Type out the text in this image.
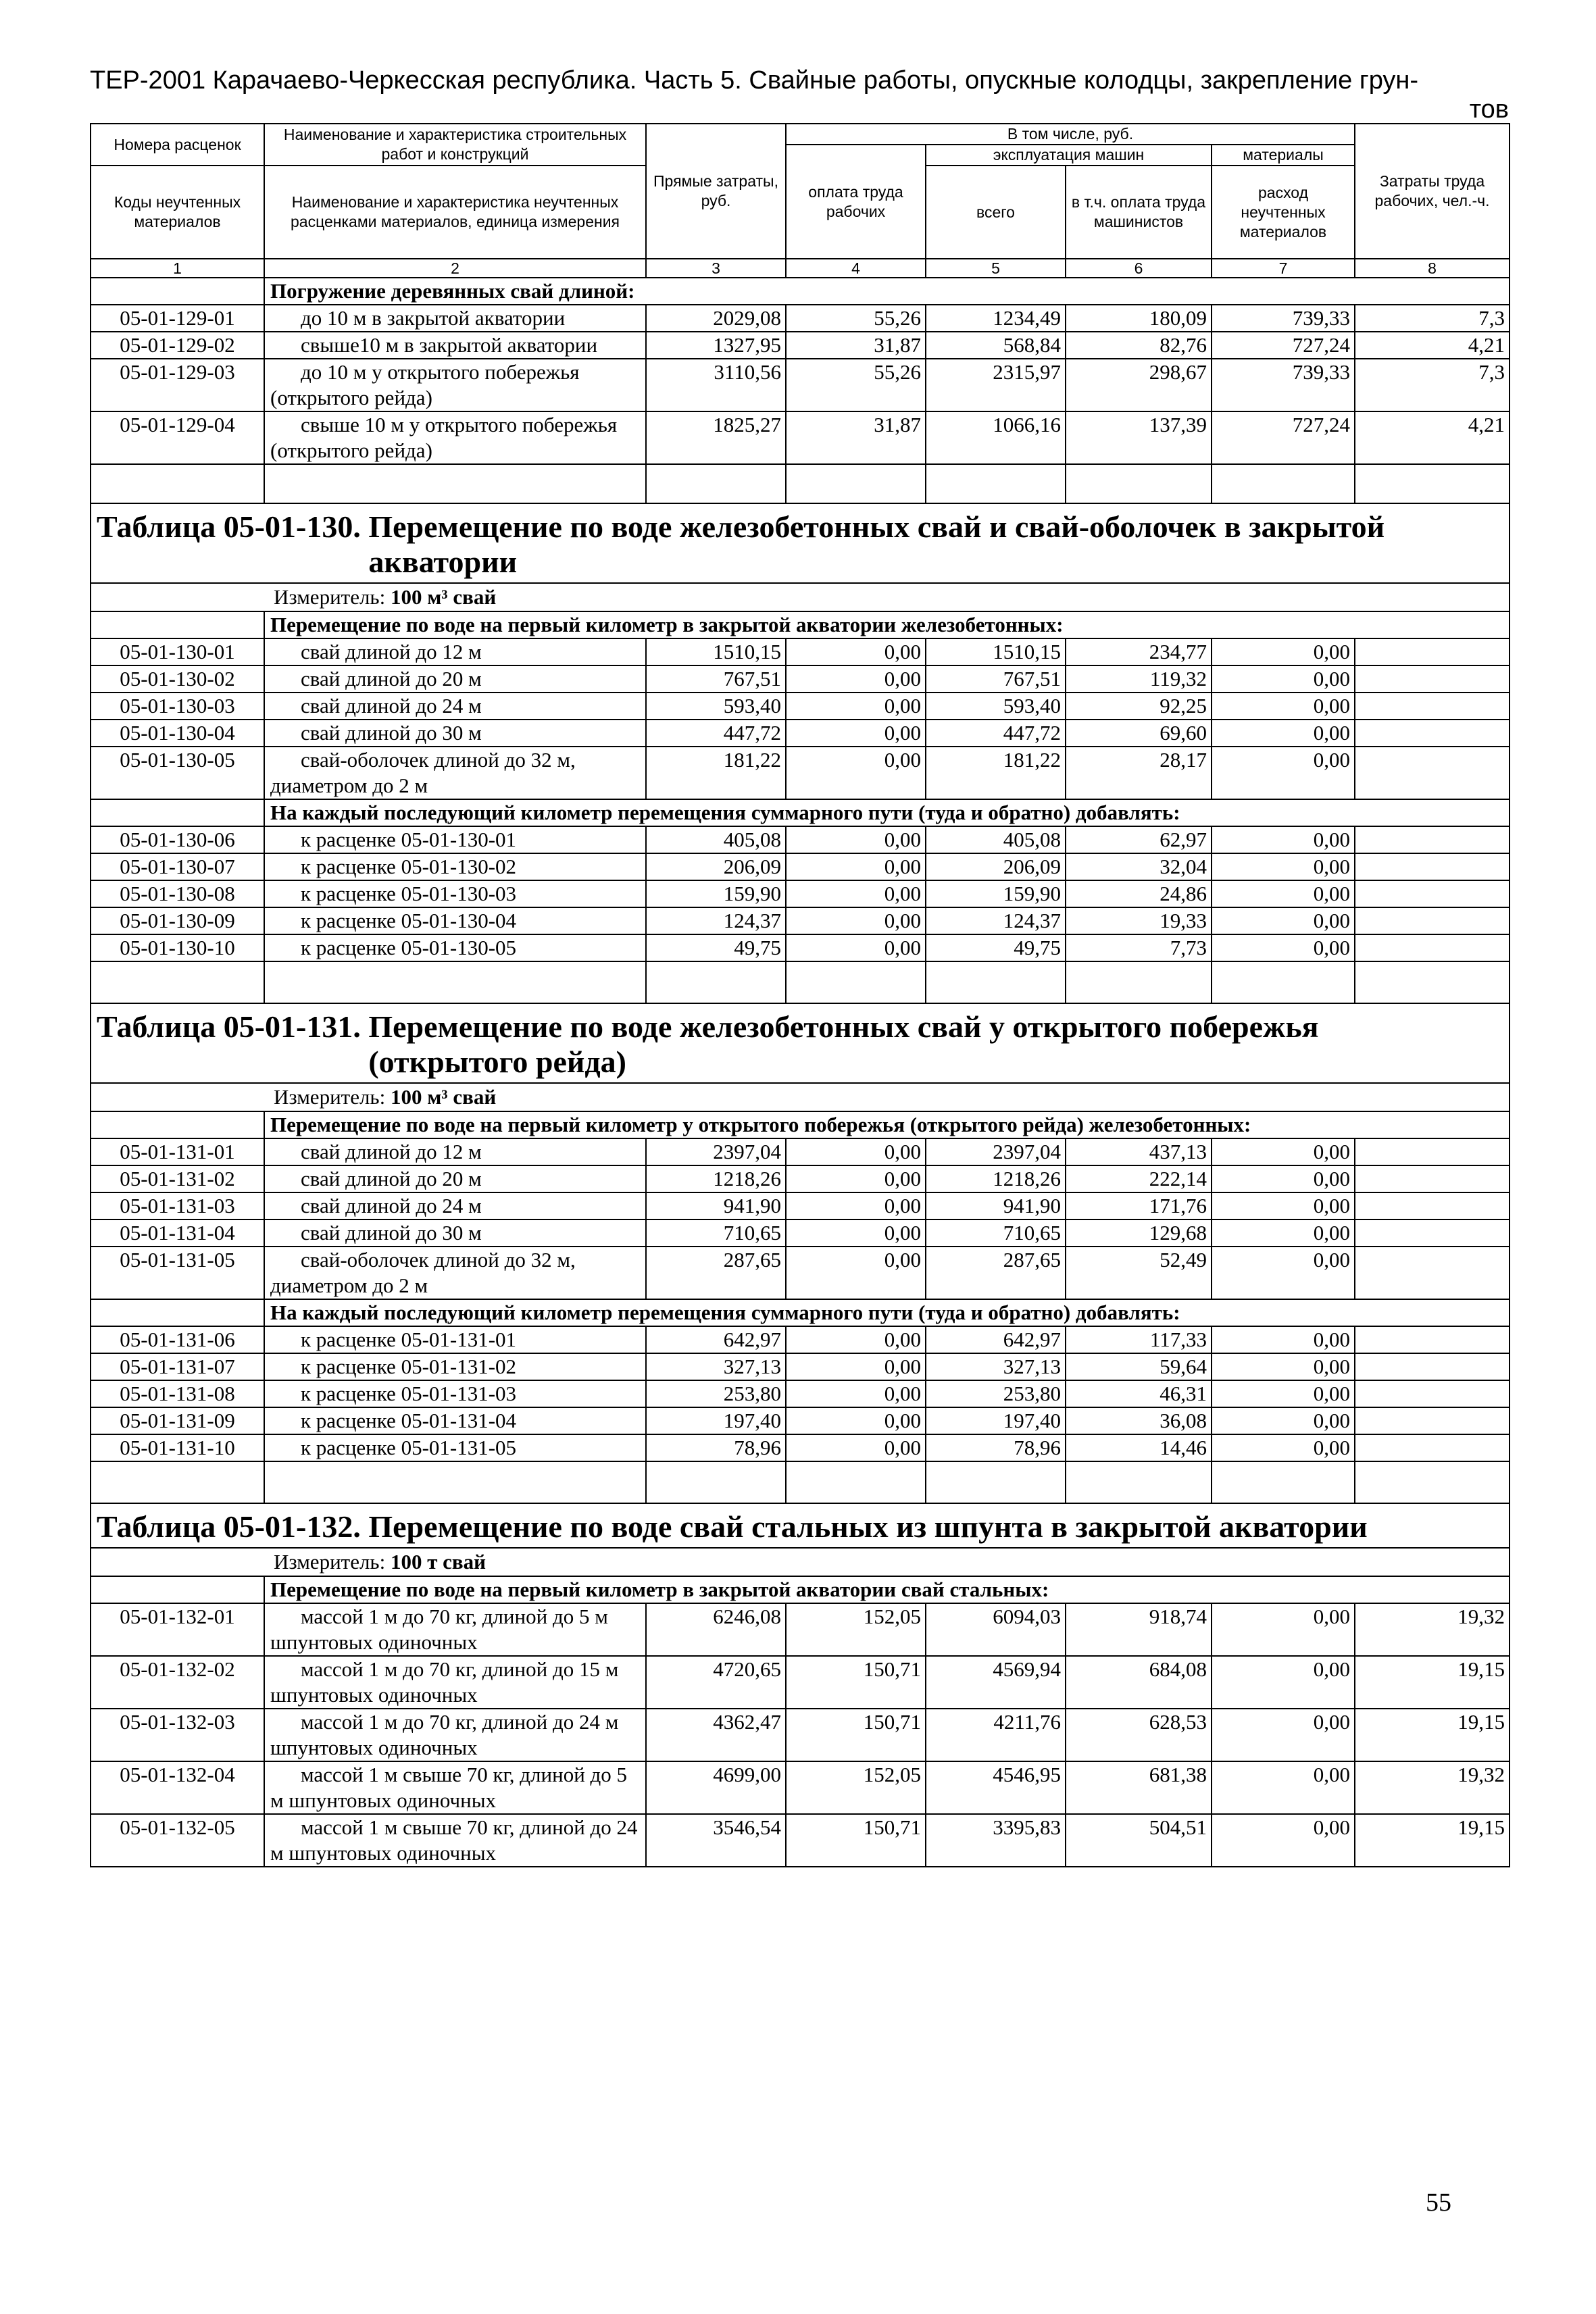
ТЕР-2001 Карачаево-Черкесская республика. Часть 5. Свайные работы, опускные колодцы, закрепление грун-
тов
Номера расценок	Наименование и характеристика строительных работ и конструкций	Прямые затраты, руб.	В том числе, руб.				Затраты труда рабочих, чел.-ч.
			оплата труда рабочих	эксплуатация машин		материалы	
Коды неучтенных материалов	Наименование и характеристика неучтенных расценками материалов, единица измерения			всего	в т.ч. оплата труда машинистов	расход неучтенных материалов	

1	2	3	4	5	6	7	8
	Погружение деревянных свай длиной:						
05-01-129-01	до 10 м в закрытой акватории	2029,08	55,26	1234,49	180,09	739,33	7,3
05-01-129-02	свыше10 м в закрытой акватории	1327,95	31,87	568,84	82,76	727,24	4,21
05-01-129-03	до 10 м у открытого побережья (открытого рейда)	3110,56	55,26	2315,97	298,67	739,33	7,3
05-01-129-04	свыше 10 м у открытого побережья (открытого рейда)	1825,27	31,87	1066,16	137,39	727,24	4,21

Таблица 05-01-130. Перемещение по воде железобетонных свай и свай-оболочек в закрытой акватории							
Измеритель: 100 м³ свай							
	Перемещение по воде на первый километр в закрытой акватории железобетонных:						
05-01-130-01	свай длиной до 12 м	1510,15	0,00	1510,15	234,77	0,00	
05-01-130-02	свай длиной до 20 м	767,51	0,00	767,51	119,32	0,00	
05-01-130-03	свай длиной до 24 м	593,40	0,00	593,40	92,25	0,00	
05-01-130-04	свай длиной до 30 м	447,72	0,00	447,72	69,60	0,00	
05-01-130-05	свай-оболочек длиной до 32 м, диаметром до 2 м	181,22	0,00	181,22	28,17	0,00	
	На каждый последующий километр перемещения суммарного пути (туда и обратно) добавлять:						
05-01-130-06	к расценке 05-01-130-01	405,08	0,00	405,08	62,97	0,00	
05-01-130-07	к расценке 05-01-130-02	206,09	0,00	206,09	32,04	0,00	
05-01-130-08	к расценке 05-01-130-03	159,90	0,00	159,90	24,86	0,00	
05-01-130-09	к расценке 05-01-130-04	124,37	0,00	124,37	19,33	0,00	
05-01-130-10	к расценке 05-01-130-05	49,75	0,00	49,75	7,73	0,00	

Таблица 05-01-131. Перемещение по воде железобетонных свай у открытого побережья (открытого рейда)							
Измеритель: 100 м³ свай							
	Перемещение по воде на первый километр у открытого побережья (открытого рейда) железобетонных:						
05-01-131-01	свай длиной до 12 м	2397,04	0,00	2397,04	437,13	0,00	
05-01-131-02	свай длиной до 20 м	1218,26	0,00	1218,26	222,14	0,00	
05-01-131-03	свай длиной до 24 м	941,90	0,00	941,90	171,76	0,00	
05-01-131-04	свай длиной до 30 м	710,65	0,00	710,65	129,68	0,00	
05-01-131-05	свай-оболочек длиной до 32 м, диаметром до 2 м	287,65	0,00	287,65	52,49	0,00	
	На каждый последующий километр перемещения суммарного пути (туда и обратно) добавлять:						
05-01-131-06	к расценке 05-01-131-01	642,97	0,00	642,97	117,33	0,00	
05-01-131-07	к расценке 05-01-131-02	327,13	0,00	327,13	59,64	0,00	
05-01-131-08	к расценке 05-01-131-03	253,80	0,00	253,80	46,31	0,00	
05-01-131-09	к расценке 05-01-131-04	197,40	0,00	197,40	36,08	0,00	
05-01-131-10	к расценке 05-01-131-05	78,96	0,00	78,96	14,46	0,00	

Таблица 05-01-132. Перемещение по воде свай стальных из шпунта в закрытой акватории							
Измеритель: 100 т свай							
	Перемещение по воде на первый километр в закрытой акватории свай стальных:						
05-01-132-01	массой 1 м до 70 кг, длиной до 5 м шпунтовых одиночных	6246,08	152,05	6094,03	918,74	0,00	19,32
05-01-132-02	массой 1 м до 70 кг, длиной до 15 м шпунтовых одиночных	4720,65	150,71	4569,94	684,08	0,00	19,15
05-01-132-03	массой 1 м до 70 кг, длиной до 24 м шпунтовых одиночных	4362,47	150,71	4211,76	628,53	0,00	19,15
05-01-132-04	массой 1 м свыше 70 кг, длиной до 5 м шпунтовых одиночных	4699,00	152,05	4546,95	681,38	0,00	19,32
05-01-132-05	массой 1 м свыше 70 кг, длиной до 24 м шпунтовых одиночных	3546,54	150,71	3395,83	504,51	0,00	19,15
55
